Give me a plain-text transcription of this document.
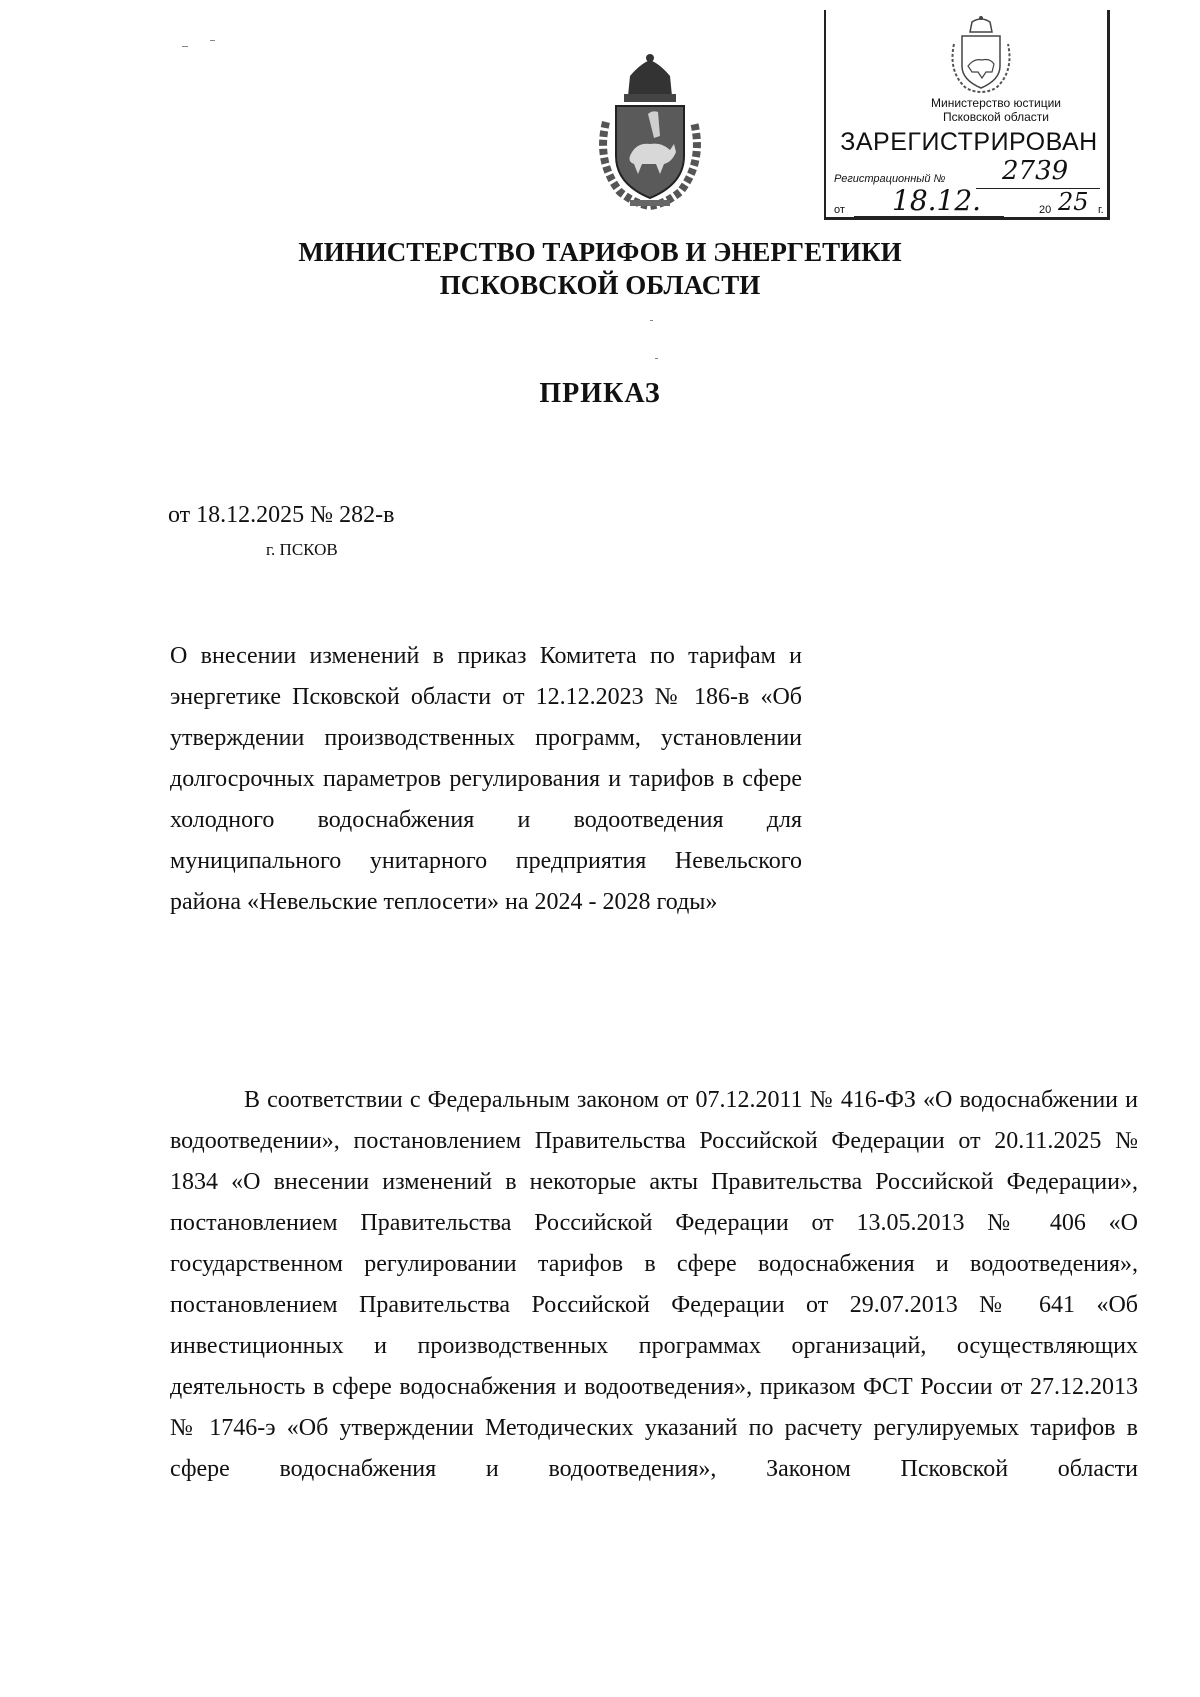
Министерство юстиции
Псковской области
ЗАРЕГИСТРИРОВАН
Регистрационный № 2739
от 18.12.	20 25 г.
МИНИСТЕРСТВО ТАРИФОВ И ЭНЕРГЕТИКИ
ПСКОВСКОЙ ОБЛАСТИ
ПРИКАЗ
от 18.12.2025 № 282-в
г. ПСКОВ
О внесении изменений в приказ Комитета по тарифам и энергетике Псковской области от 12.12.2023 № 186-в «Об утверждении производственных программ, установлении долгосрочных параметров регулирования и тарифов в сфере холодного водоснабжения и водоотведения для муниципального унитарного предприятия Невельского района «Невельские теплосети» на 2024 - 2028 годы»
В соответствии с Федеральным законом от 07.12.2011 № 416-ФЗ «О водоснабжении и водоотведении», постановлением Правительства Российской Федерации от 20.11.2025 № 1834 «О внесении изменений в некоторые акты Правительства Российской Федерации», постановлением Правительства Российской Федерации от 13.05.2013 № 406 «О государственном регулировании тарифов в сфере водоснабжения и водоотведения», постановлением Правительства Российской Федерации от 29.07.2013 № 641 «Об инвестиционных и производственных программах организаций, осуществляющих деятельность в сфере водоснабжения и водоотведения», приказом ФСТ России от 27.12.2013 № 1746-э «Об утверждении Методических указаний по расчету регулируемых тарифов в сфере водоснабжения и водоотведения», Законом Псковской области
